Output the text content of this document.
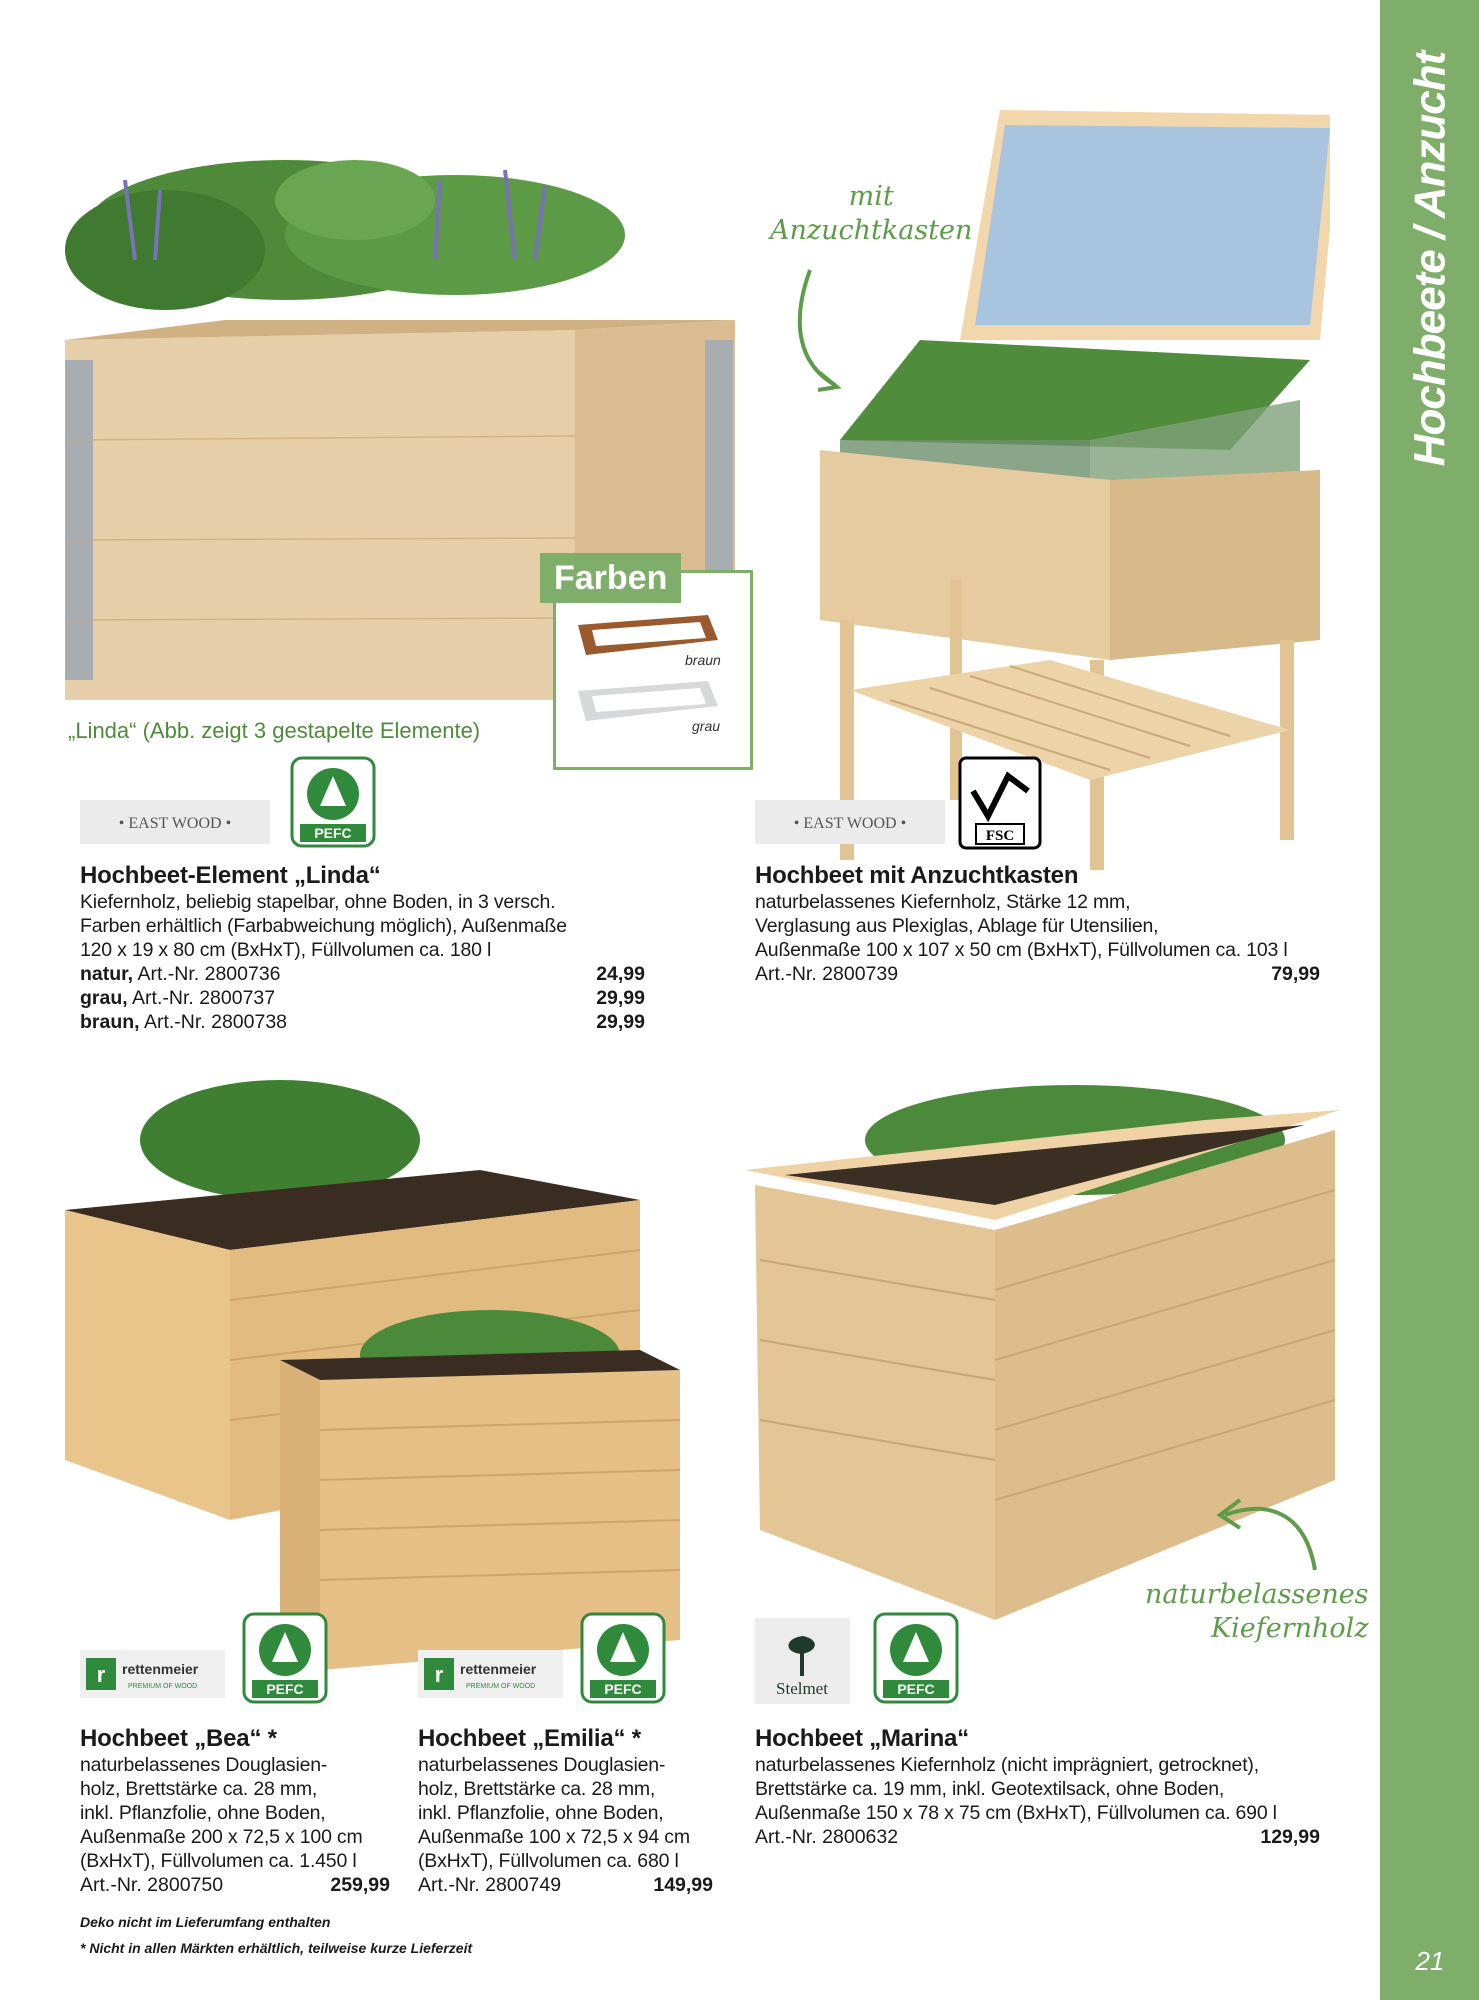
Hochbeete / Anzucht
21
Farben
braun
grau
„Linda“ (Abb. zeigt 3 gestapelte Elemente)
mit
Anzuchtkasten
• EAST WOOD •
PEFC
• EAST WOOD •
FSC
Hochbeet-Element „Linda“

Kiefernholz, beliebig stapelbar, ohne Boden, in 3 versch.

Farben erhältlich (Farbabweichung möglich), Außenmaße

120 x 19 x 80 cm (BxHxT), Füllvolumen ca. 180 l

natur, Art.-Nr. 2800736	24,99
grau, Art.-Nr. 2800737	29,99
braun, Art.-Nr. 2800738	29,99
Hochbeet mit Anzuchtkasten

naturbelassenes Kiefernholz, Stärke 12 mm,

Verglasung aus Plexiglas, Ablage für Utensilien,

Außenmaße 100 x 107 x 50 cm (BxHxT), Füllvolumen ca. 103 l

Art.-Nr. 2800739	79,99
naturbelassenes
Kiefernholz
r rettenmeier
PREMIUM OF WOOD	PEFC
r rettenmeier
PREMIUM OF WOOD	PEFC	Stelmet	PEFC
Hochbeet „Bea“ *

naturbelassenes Douglasien-

holz, Brettstärke ca. 28 mm,

inkl. Pflanzfolie, ohne Boden,

Außenmaße 200 x 72,5 x 100 cm

(BxHxT), Füllvolumen ca. 1.450 l

Art.-Nr. 2800750	259,99
Hochbeet „Emilia“ *

naturbelassenes Douglasien-

holz, Brettstärke ca. 28 mm,

inkl. Pflanzfolie, ohne Boden,

Außenmaße 100 x 72,5 x 94 cm

(BxHxT), Füllvolumen ca. 680 l

Art.-Nr. 2800749	149,99
Hochbeet „Marina“

naturbelassenes Kiefernholz (nicht imprägniert, getrocknet),

Brettstärke ca. 19 mm, inkl. Geotextilsack, ohne Boden,

Außenmaße 150 x 78 x 75 cm (BxHxT), Füllvolumen ca. 690 l

Art.-Nr. 2800632	129,99
Deko nicht im Lieferumfang enthalten
* Nicht in allen Märkten erhältlich, teilweise kurze Lieferzeit
